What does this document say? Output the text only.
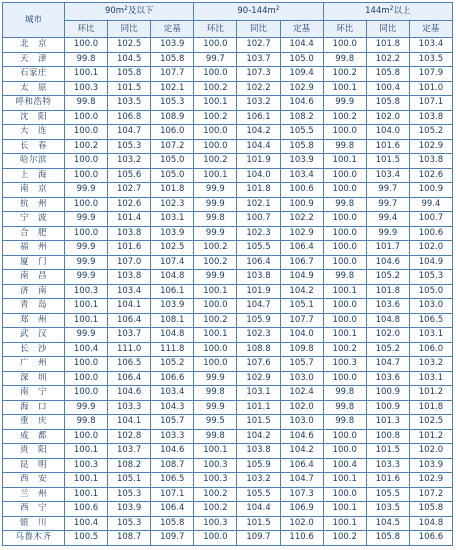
城市	$90m^2$及以下			$90-144m^2$			$144m^2$以上		
	环比	同比	定基	环比	同比	定基	环比	同比	定基
北　京	100.0	102.5	103.9	100.0	102.7	104.4	100.0	101.8	103.4
天　津	99.8	104.5	105.8	99.7	103.7	105.0	99.8	102.2	103.5
石家庄	100.1	105.8	107.7	100.0	107.3	109.4	100.2	105.8	107.9
太　原	100.3	101.5	102.1	100.2	102.2	102.9	100.1	100.4	101.0
呼和浩特	99.8	103.5	105.3	100.1	103.2	104.6	99.9	105.8	107.1
沈　阳	100.0	106.8	108.9	100.2	106.1	108.2	100.2	102.0	103.8
大　连	100.0	104.7	106.0	100.0	104.2	105.5	100.0	104.0	105.2
长　春	100.2	105.3	107.2	100.0	104.4	105.8	99.8	101.6	102.9
哈尔滨	100.0	103.2	105.0	100.2	101.9	103.9	100.1	101.5	103.8
上　海	100.0	105.6	105.0	100.1	104.0	103.4	100.0	103.4	102.6
南　京	99.9	102.7	101.8	99.9	101.8	100.6	100.0	99.7	100.9
杭　州	100.0	102.6	102.3	99.9	102.1	100.9	99.8	99.7	99.4
宁　波	99.9	101.4	103.1	99.8	100.7	102.2	100.0	99.4	100.7
合　肥	100.0	103.8	103.9	99.9	102.3	102.9	100.0	99.9	100.6
福　州	99.9	101.6	102.5	100.2	105.5	106.4	100.0	101.7	102.0
厦　门	99.9	107.0	107.4	100.2	106.4	106.7	100.0	104.6	104.9
南　昌	99.9	103.8	104.8	99.9	103.8	104.9	99.8	105.2	105.3
济　南	100.3	103.4	106.1	100.1	101.9	104.2	100.1	101.8	105.0
青　岛	100.1	104.1	103.9	100.0	104.7	105.1	100.0	103.6	103.0
郑　州	100.1	106.4	108.1	100.2	105.9	107.7	100.0	104.8	106.5
武　汉	99.9	103.7	104.8	100.1	102.3	104.0	100.1	102.0	103.1
长　沙	100.4	111.0	111.8	100.0	108.8	109.8	100.2	105.2	106.0
广　州	100.0	106.5	105.2	100.0	107.6	105.7	100.3	104.7	103.2
深　圳	100.0	106.4	106.6	99.9	102.9	103.0	100.0	103.6	103.1
南　宁	100.0	104.6	103.4	99.8	103.1	102.4	99.8	100.9	101.2
海　口	99.9	103.3	104.3	99.9	101.1	102.0	99.8	100.9	101.8
重　庆	99.8	104.1	105.7	99.5	101.5	103.0	99.8	101.3	102.5
成　都	100.0	102.8	103.3	99.8	104.2	104.6	100.0	100.8	101.2
贵　阳	100.1	103.7	104.6	100.1	103.8	104.2	100.0	101.5	102.0
昆　明	100.3	108.2	108.7	100.3	105.9	106.4	100.4	103.3	103.9
西　安	100.1	105.1	106.5	100.3	103.2	104.7	100.1	101.6	102.9
兰　州	100.1	105.3	107.1	100.2	105.5	107.3	100.0	105.5	107.2
西　宁	100.6	103.9	106.4	100.2	104.4	106.9	100.1	103.5	105.8
银　川	100.4	105.3	105.8	100.3	101.5	102.0	100.1	104.5	104.8
乌鲁木齐	100.5	108.7	109.7	100.0	109.7	110.6	100.2	105.8	106.6
